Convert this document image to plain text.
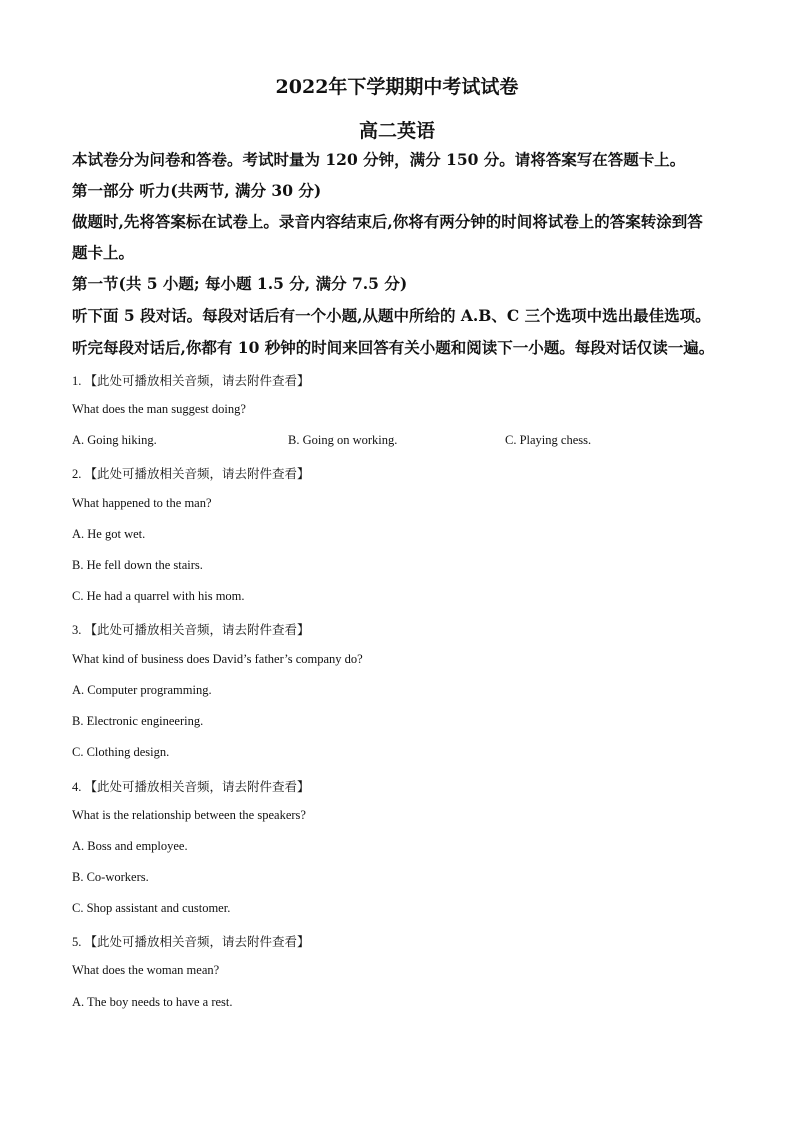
2022年下学期期中考试试卷
高二英语
本试卷分为问卷和答卷。考试时量为 120 分钟，满分 150 分。请将答案写在答题卡上。
第一部分 听力(共两节, 满分 30 分)
做题时,先将答案标在试卷上。录音内容结束后,你将有两分钟的时间将试卷上的答案转涂到答
题卡上。
第一节(共 5 小题; 每小题 1.5 分, 满分 7.5 分)
听下面 5 段对话。每段对话后有一个小题,从题中所给的 A.B、C 三个选项中选出最佳选项。
听完每段对话后,你都有 10 秒钟的时间来回答有关小题和阅读下一小题。每段对话仅读一遍。
1. 【此处可播放相关音频，请去附件查看】
What does the man suggest doing?
A. Going hiking.	B. Going on working.	C. Playing chess.
2. 【此处可播放相关音频，请去附件查看】
What happened to the man?
A. He got wet.
B. He fell down the stairs.
C. He had a quarrel with his mom.
3. 【此处可播放相关音频，请去附件查看】
What kind of business does David’s father’s company do?
A. Computer programming.
B. Electronic engineering.
C. Clothing design.
4. 【此处可播放相关音频，请去附件查看】
What is the relationship between the speakers?
A. Boss and employee.
B. Co-workers.
C. Shop assistant and customer.
5. 【此处可播放相关音频，请去附件查看】
What does the woman mean?
A. The boy needs to have a rest.
